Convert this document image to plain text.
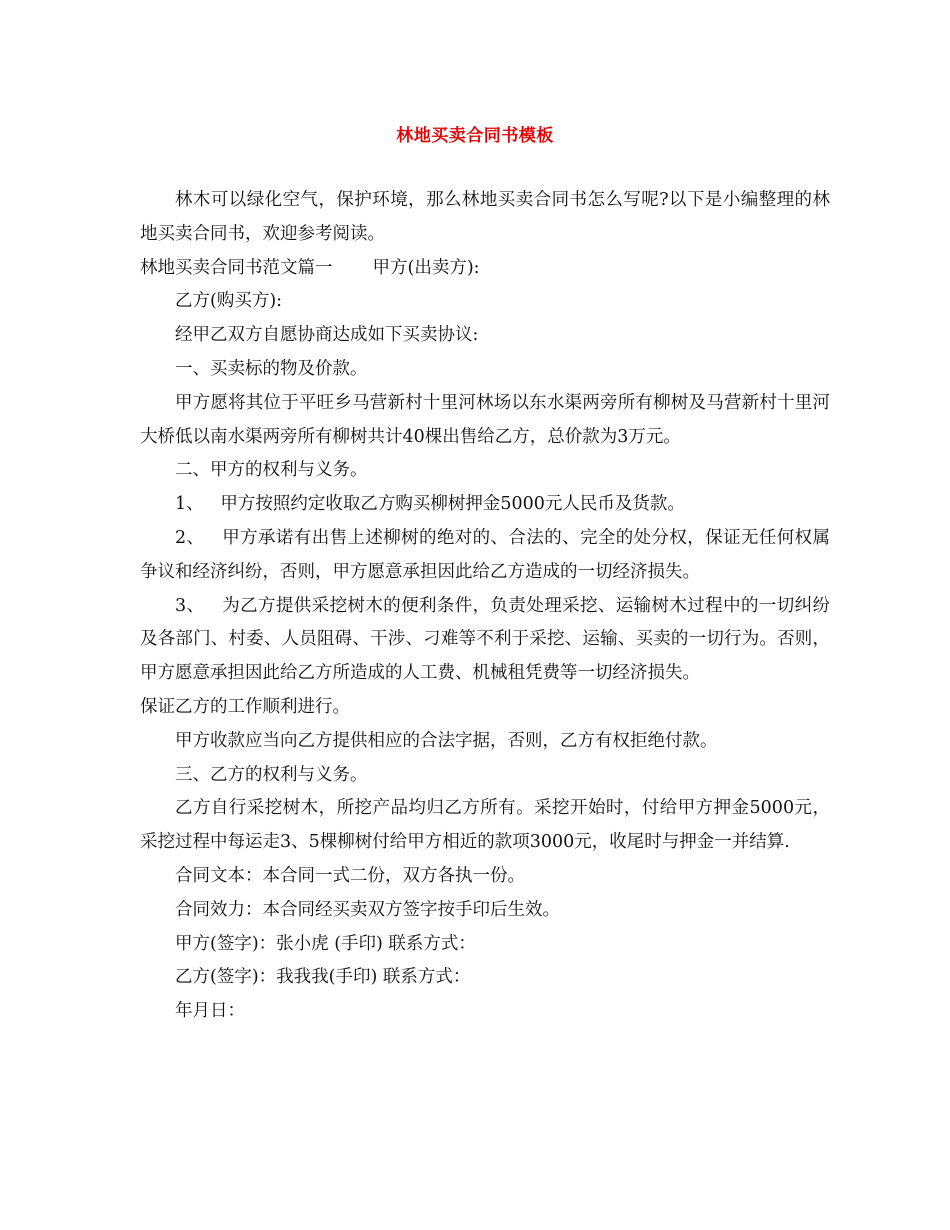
林地买卖合同书模板

林木可以绿化空气，保护环境，那么林地买卖合同书怎么写呢?以下是小编整理的林地买卖合同书，欢迎参考阅读。

林地买卖合同书范文篇一 甲方(出卖方):

乙方(购买方):

经甲乙双方自愿协商达成如下买卖协议:

一、买卖标的物及价款。

甲方愿将其位于平旺乡马营新村十里河林场以东水渠两旁所有柳树及马营新村十里河大桥低以南水渠两旁所有柳树共计40棵出售给乙方，总价款为3万元。

二、甲方的权利与义务。

1、 甲方按照约定收取乙方购买柳树押金5000元人民币及货款。

2、 甲方承诺有出售上述柳树的绝对的、合法的、完全的处分权，保证无任何权属争议和经济纠纷，否则，甲方愿意承担因此给乙方造成的一切经济损失。

3、 为乙方提供采挖树木的便利条件，负责处理采挖、运输树木过程中的一切纠纷及各部门、村委、人员阻碍、干涉、刁难等不利于采挖、运输、买卖的一切行为。否则，甲方愿意承担因此给乙方所造成的人工费、机械租凭费等一切经济损失。

保证乙方的工作顺利进行。

甲方收款应当向乙方提供相应的合法字据，否则，乙方有权拒绝付款。

三、乙方的权利与义务。

乙方自行采挖树木，所挖产品均归乙方所有。采挖开始时，付给甲方押金5000元，采挖过程中每运走3、5棵柳树付给甲方相近的款项3000元，收尾时与押金一并结算.

合同文本：本合同一式二份，双方各执一份。

合同效力：本合同经买卖双方签字按手印后生效。

甲方(签字)：张小虎 (手印) 联系方式：

乙方(签字)：我我我(手印) 联系方式：

年月日：
